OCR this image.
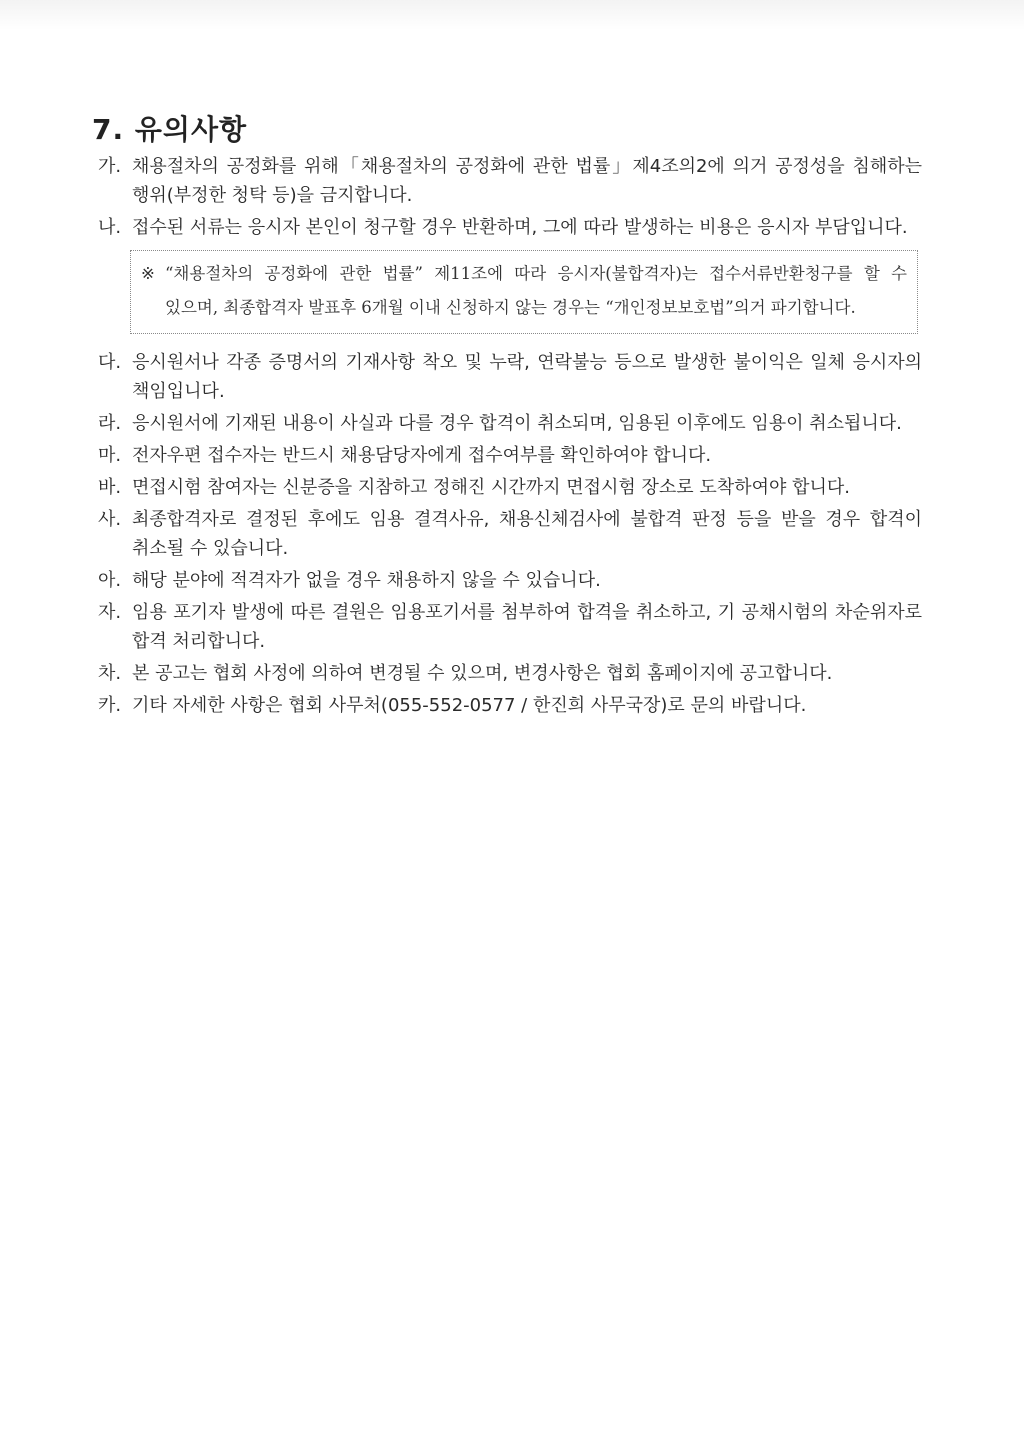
7. 유의사항
가. 채용절차의 공정화를 위해「채용절차의 공정화에 관한 법률」제4조의2에 의거 공정성을 침해하는 행위(부정한 청탁 등)을 금지합니다.
나. 접수된 서류는 응시자 본인이 청구할 경우 반환하며, 그에 따라 발생하는 비용은 응시자 부담입니다.
※ “채용절차의 공정화에 관한 법률” 제11조에 따라 응시자(불합격자)는 접수서류반환청구를 할 수 있으며, 최종합격자 발표후 6개월 이내 신청하지 않는 경우는 “개인정보보호법”의거 파기합니다.
다. 응시원서나 각종 증명서의 기재사항 착오 및 누락, 연락불능 등으로 발생한 불이익은 일체 응시자의 책임입니다.
라. 응시원서에 기재된 내용이 사실과 다를 경우 합격이 취소되며, 임용된 이후에도 임용이 취소됩니다.
마. 전자우편 접수자는 반드시 채용담당자에게 접수여부를 확인하여야 합니다.
바. 면접시험 참여자는 신분증을 지참하고 정해진 시간까지 면접시험 장소로 도착하여야 합니다.
사. 최종합격자로 결정된 후에도 임용 결격사유, 채용신체검사에 불합격 판정 등을 받을 경우 합격이 취소될 수 있습니다.
아. 해당 분야에 적격자가 없을 경우 채용하지 않을 수 있습니다.
자. 임용 포기자 발생에 따른 결원은 임용포기서를 첨부하여 합격을 취소하고, 기 공채시험의 차순위자로 합격 처리합니다.
차. 본 공고는 협회 사정에 의하여 변경될 수 있으며, 변경사항은 협회 홈페이지에 공고합니다.
카. 기타 자세한 사항은 협회 사무처(055-552-0577 / 한진희 사무국장)로 문의 바랍니다.
